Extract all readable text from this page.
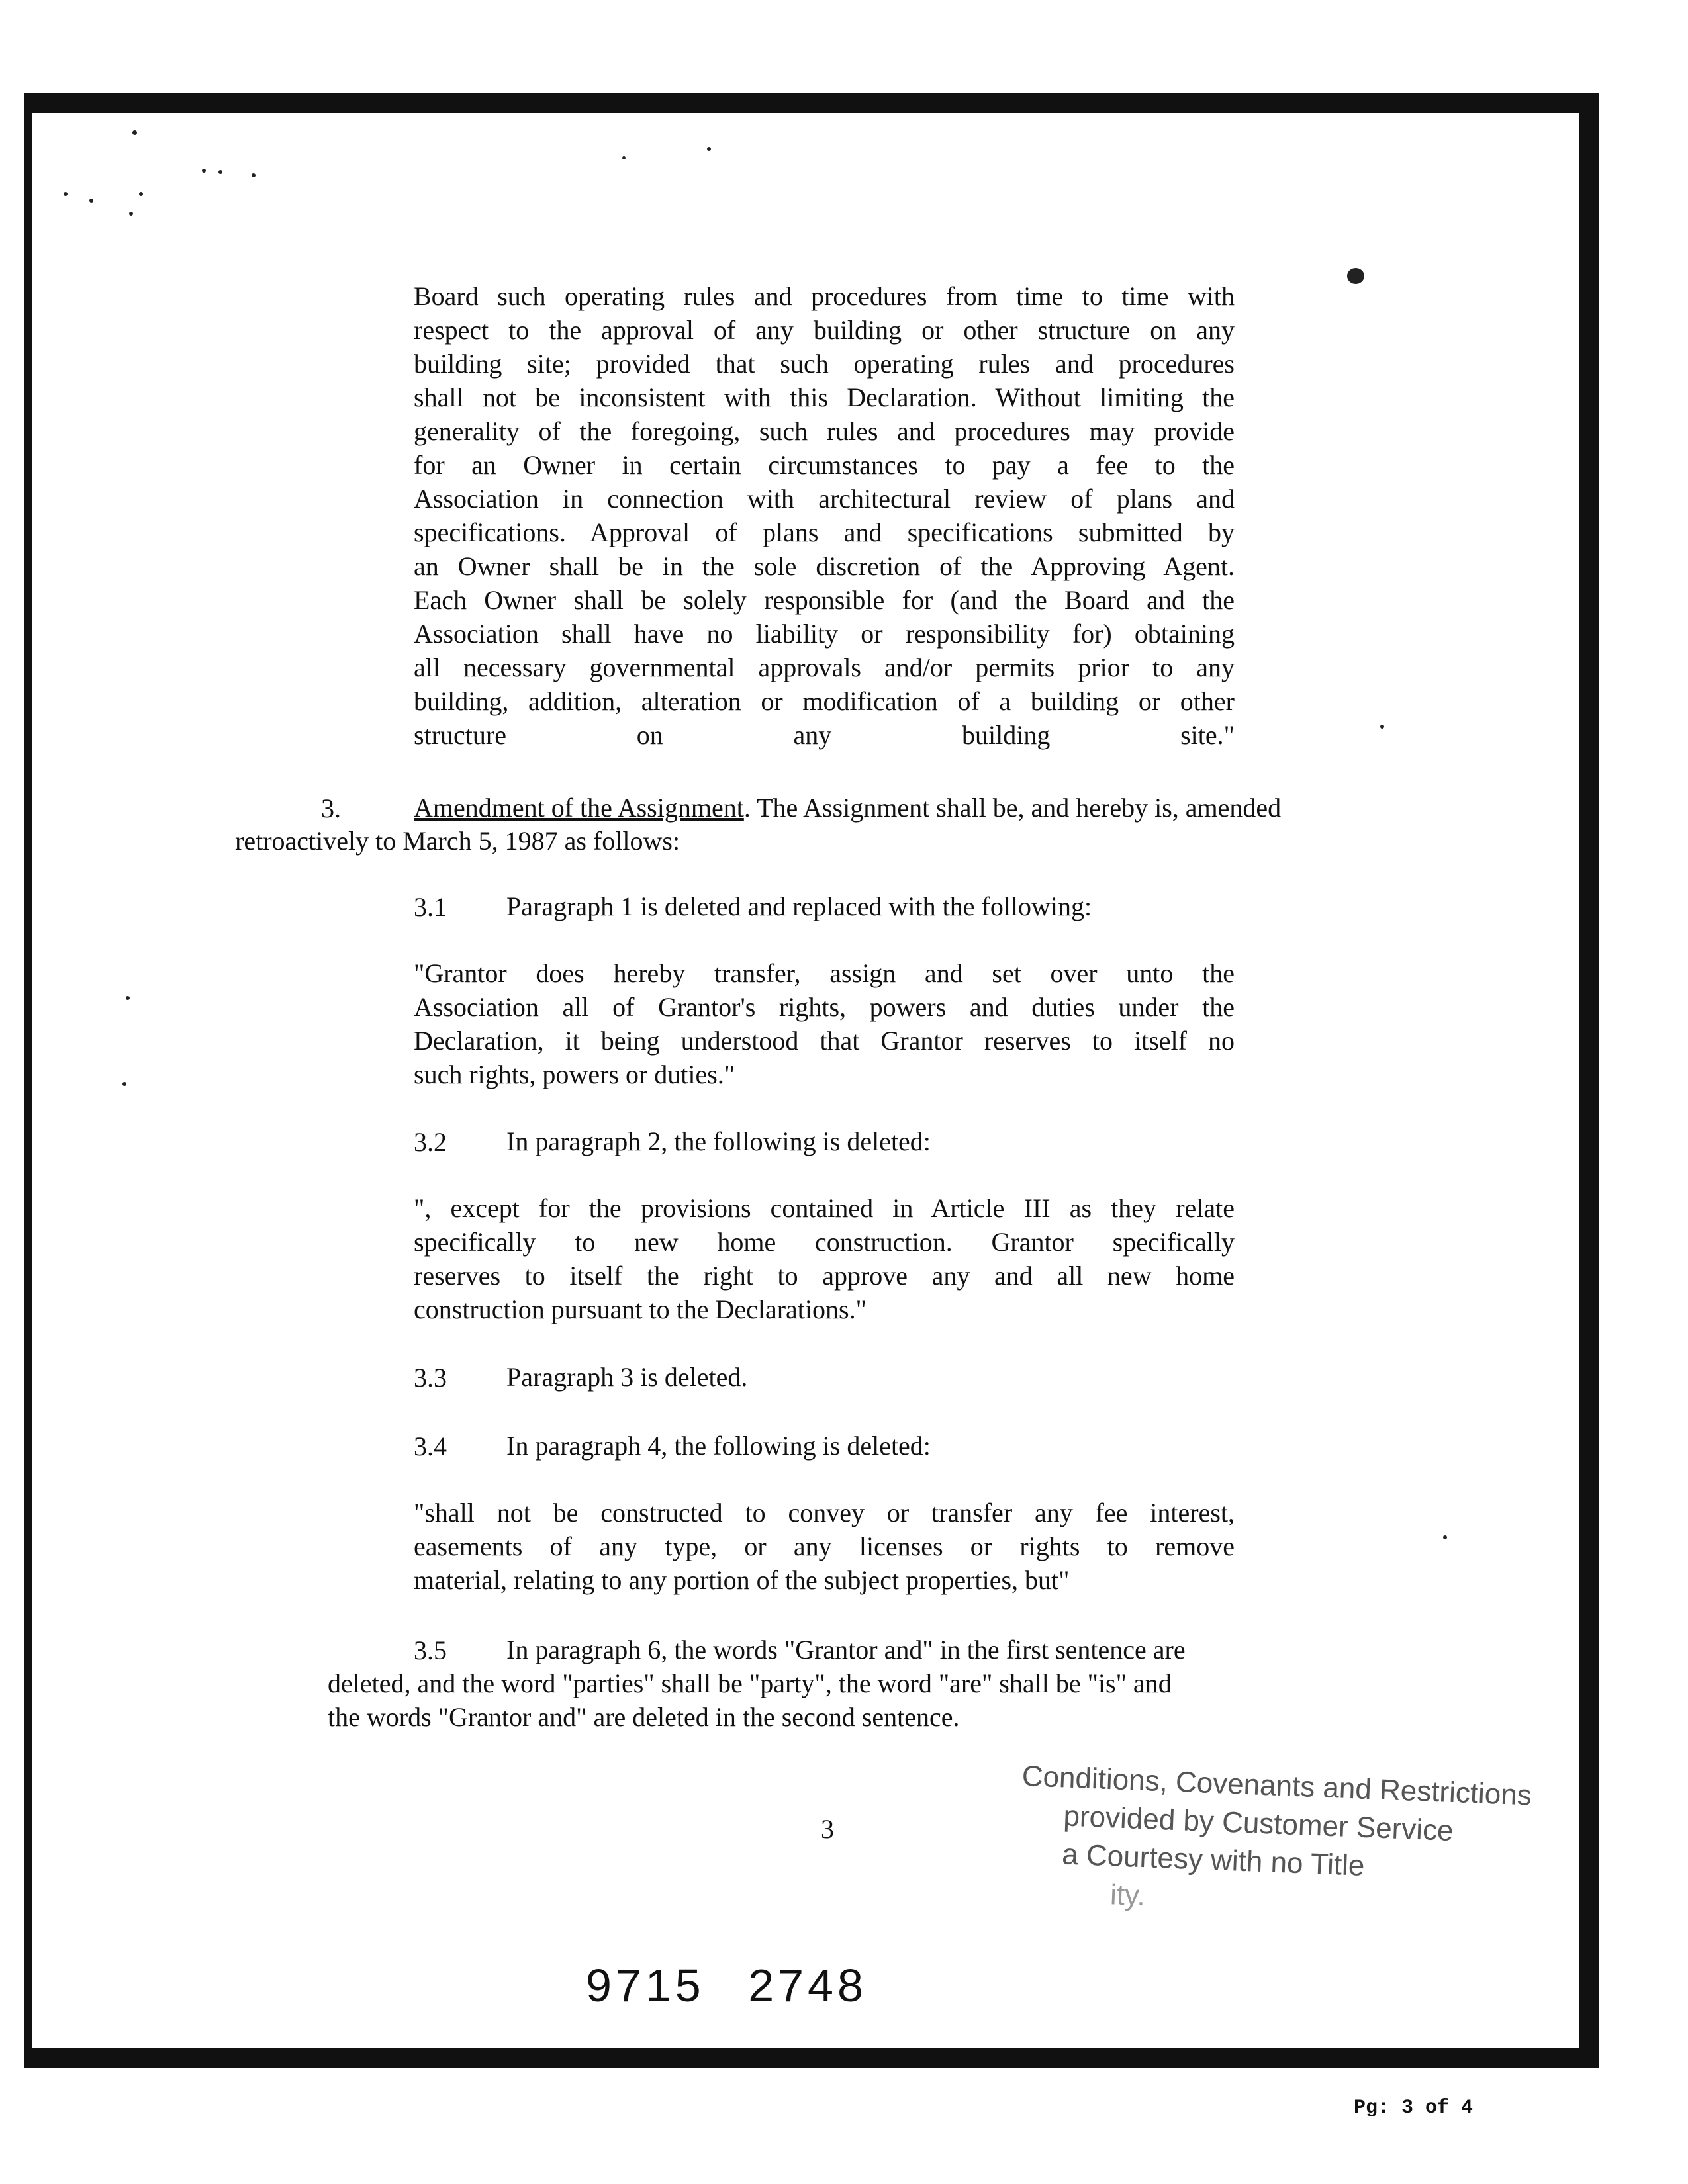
Board such operating rules and procedures from time to time with
respect to the approval of any building or other structure on any
building site; provided that such operating rules and procedures
shall not be inconsistent with this Declaration. Without limiting the
generality of the foregoing, such rules and procedures may provide
for an Owner in certain circumstances to pay a fee to the
Association in connection with architectural review of plans and
specifications. Approval of plans and specifications submitted by
an Owner shall be in the sole discretion of the Approving Agent.
Each Owner shall be solely responsible for (and the Board and the
Association shall have no liability or responsibility for) obtaining
all necessary governmental approvals and/or permits prior to any
building, addition, alteration or modification of a building or other
structure on any building site."
3.	Amendment of the Assignment. The Assignment shall be, and hereby is, amended
retroactively to March 5, 1987 as follows:
3.1 Paragraph 1 is deleted and replaced with the following:
"Grantor does hereby transfer, assign and set over unto the
Association all of Grantor's rights, powers and duties under the
Declaration, it being understood that Grantor reserves to itself no
such rights, powers or duties."
3.2 In paragraph 2, the following is deleted:
", except for the provisions contained in Article III as they relate
specifically to new home construction. Grantor specifically
reserves to itself the right to approve any and all new home
construction pursuant to the Declarations."
3.3 Paragraph 3 is deleted.
3.4 In paragraph 4, the following is deleted:
"shall not be constructed to convey or transfer any fee interest,
easements of any type, or any licenses or rights to remove
material, relating to any portion of the subject properties, but"
3.5 In paragraph 6, the words "Grantor and" in the first sentence are
deleted, and the word "parties" shall be "party", the word "are" shall be "is" and
the words "Grantor and" are deleted in the second sentence.
3
Conditions, Covenants and Restrictions
provided by Customer Service
a Courtesy with no Title
ity.
9715 2748
Pg: 3 of 4
